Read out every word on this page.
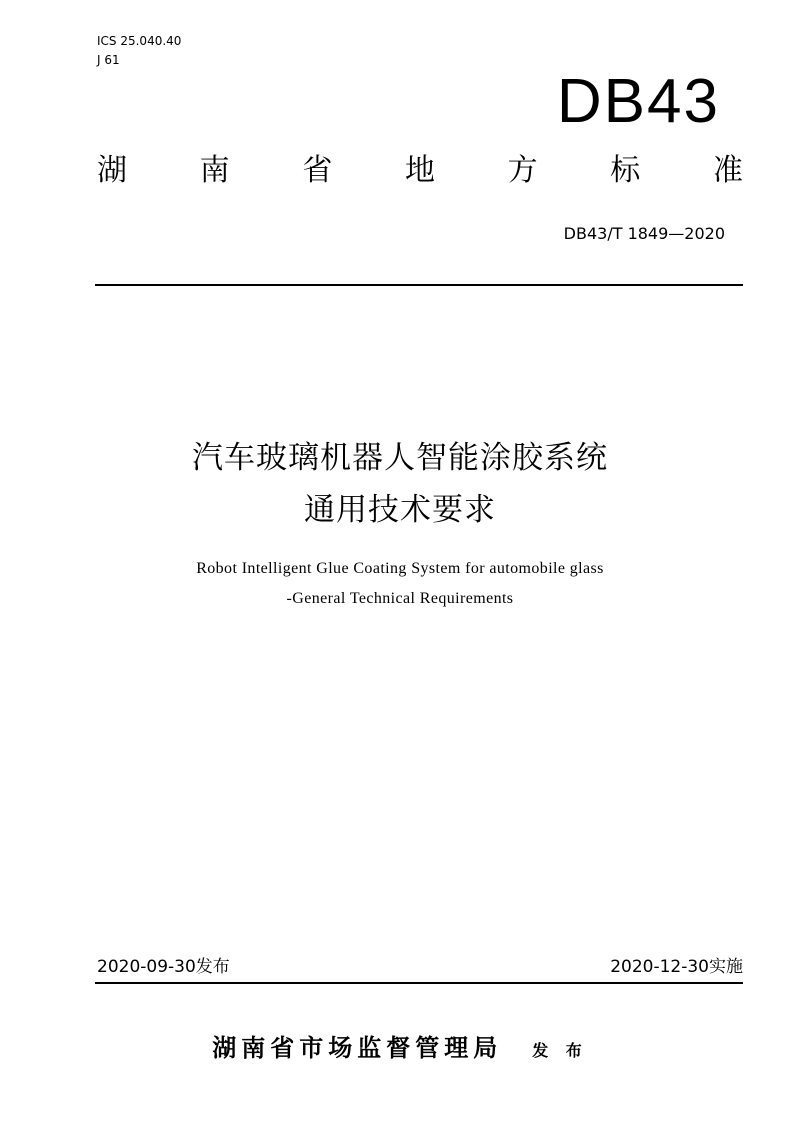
ICS 25.040.40
J 61
DB43
湖 南 省 地 方 标 准
DB43/T 1849—2020
汽车玻璃机器人智能涂胶系统
通用技术要求
Robot Intelligent Glue Coating System for automobile glass
-General Technical Requirements
2020-09-30发布	2020-12-30实施
湖南省市场监督管理局 发 布
